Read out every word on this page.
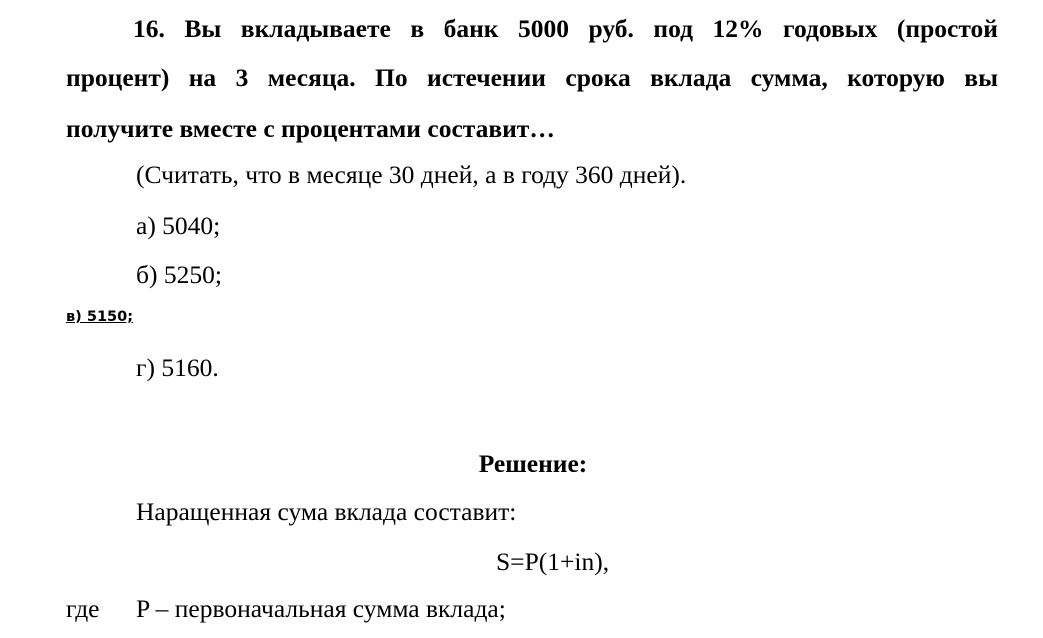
16. Вы вкладываете в банк 5000 руб. под 12% годовых (простой
процент) на 3 месяца. По истечении срока вклада сумма, которую вы
получите вместе с процентами составит…
(Считать, что в месяце 30 дней, а в году 360 дней).
а) 5040;
б) 5250;
в) 5150;
г) 5160.
Решение:
Наращенная сума вклада составит:
S=P(1+in),
где P – первоначальная сумма вклада;
